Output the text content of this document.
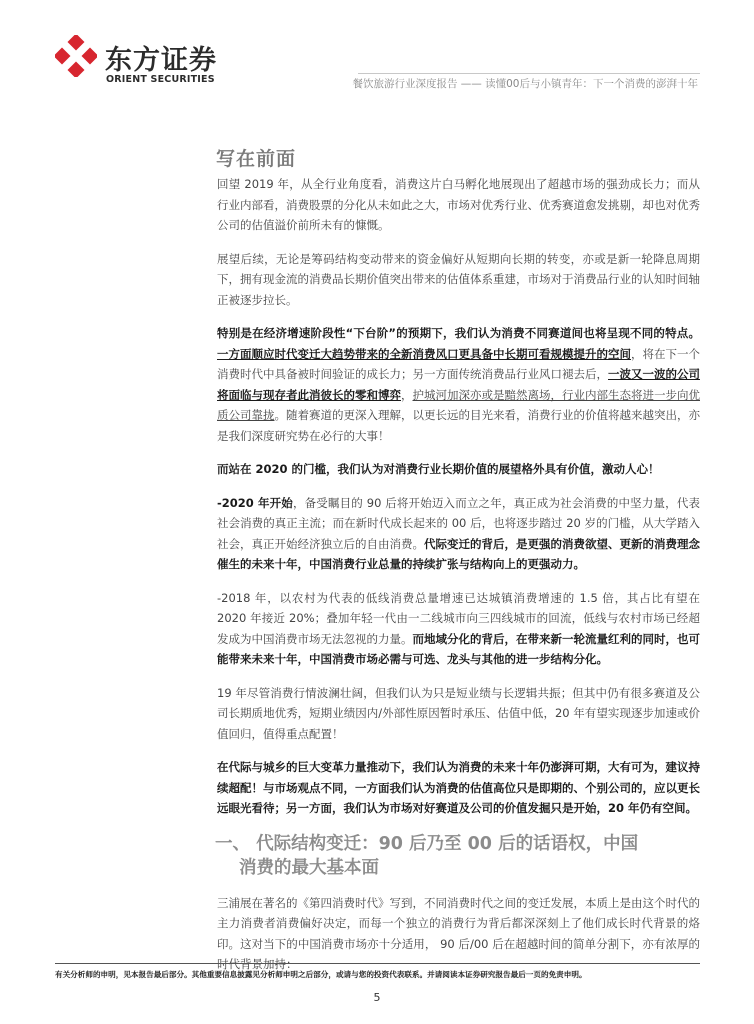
东方证券
ORIENT SECURITIES	餐饮旅游行业深度报告 —— 读懂00后与小镇青年：下一个消费的澎湃十年
写在前面

回望 2019 年，从全行业角度看，消费这片白马孵化地展现出了超越市场的强劲成长力；而从行业内部看，消费股票的分化从未如此之大，市场对优秀行业、优秀赛道愈发挑剔，却也对优秀公司的估值溢价前所未有的慷慨。

展望后续，无论是筹码结构变动带来的资金偏好从短期向长期的转变，亦或是新一轮降息周期下，拥有现金流的消费品长期价值突出带来的估值体系重建，市场对于消费品行业的认知时间轴正被逐步拉长。

特别是在经济增速阶段性“下台阶”的预期下，我们认为消费不同赛道间也将呈现不同的特点。一方面顺应时代变迁大趋势带来的全新消费风口更具备中长期可看规模提升的空间，将在下一个消费时代中具备被时间验证的成长力；另一方面传统消费品行业风口褪去后，一波又一波的公司将面临与现存者此消彼长的零和博弈，护城河加深亦或是黯然离场，行业内部生态将进一步向优质公司靠拢。随着赛道的更深入理解，以更长远的目光来看，消费行业的价值将越来越突出，亦是我们深度研究势在必行的大事！

而站在 2020 的门槛，我们认为对消费行业长期价值的展望格外具有价值，激动人心！

-2020 年开始，备受瞩目的 90 后将开始迈入而立之年，真正成为社会消费的中坚力量，代表社会消费的真正主流；而在新时代成长起来的 00 后，也将逐步踏过 20 岁的门槛，从大学踏入社会，真正开始经济独立后的自由消费。代际变迁的背后，是更强的消费欲望、更新的消费理念催生的未来十年，中国消费行业总量的持续扩张与结构向上的更强动力。

-2018 年，以农村为代表的低线消费总量增速已达城镇消费增速的 1.5 倍，其占比有望在 2020 年接近 20%；叠加年轻一代由一二线城市向三四线城市的回流，低线与农村市场已经超发成为中国消费市场无法忽视的力量。而地域分化的背后，在带来新一轮流量红利的同时，也可能带来未来十年，中国消费市场必需与可选、龙头与其他的进一步结构分化。

19 年尽管消费行情波澜壮阔，但我们认为只是短业绩与长逻辑共振；但其中仍有很多赛道及公司长期质地优秀，短期业绩因内/外部性原因暂时承压、估值中低，20 年有望实现逐步加速或价值回归，值得重点配置！

在代际与城乡的巨大变革力量推动下，我们认为消费的未来十年仍澎湃可期，大有可为，建议持续超配！与市场观点不同，一方面我们认为消费的估值高位只是即期的、个别公司的，应以更长远眼光看待；另一方面，我们认为市场对好赛道及公司的价值发掘只是开始，20 年仍有空间。

一、 代际结构变迁：90 后乃至 00 后的话语权，中国
消费的最大基本面

三浦展在著名的《第四消费时代》写到，不同消费时代之间的变迁发展，本质上是由这个时代的主力消费者消费偏好决定，而每一个独立的消费行为背后都深深刻上了他们成长时代背景的烙印。这对当下的中国消费市场亦十分适用， 90 后/00 后在超越时间的简单分割下，亦有浓厚的时代背景加持：

有关分析师的申明，见本报告最后部分。其他重要信息披露见分析师申明之后部分，或请与您的投资代表联系。并请阅读本证券研究报告最后一页的免责申明。
5
